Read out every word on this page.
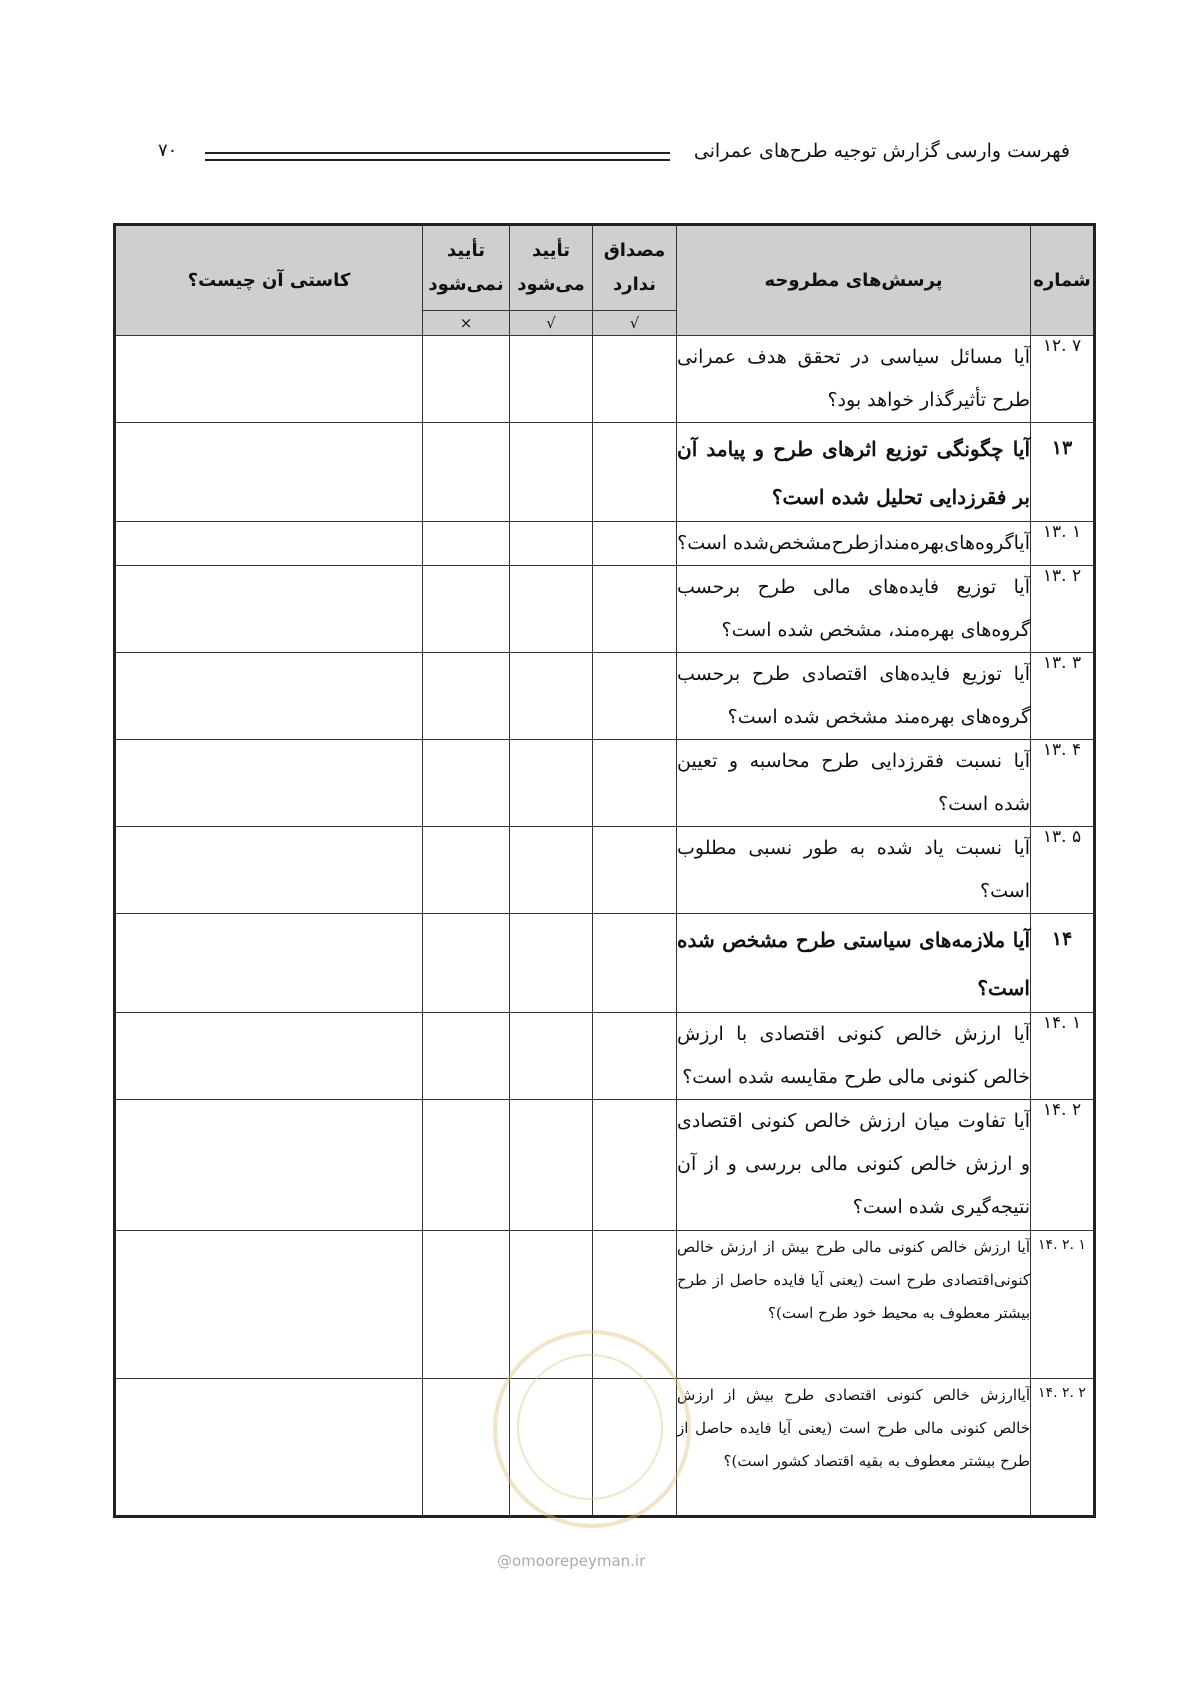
فهرست وارسی گزارش توجیه طرح‌های عمرانی
۷۰
شماره	پرسش‌های مطروحه	مصداق ندارد	تأیید می‌شود	تأیید نمی‌شود	کاستی آن چیست؟
		√	√	×	
۷ .۱۲	آیا مسائل سیاسی در تحقق هدف عمرانی طرح تأثیرگذار خواهد بود؟				
۱۳	آیا چگونگی توزیع اثرهای طرح و پیامد آن بر فقرزدایی تحلیل شده است؟				
۱ .۱۳	آیاگروه‌های‌بهره‌منداز‌طرح‌مشخص‌شده است؟				
۲ .۱۳	آیا توزیع فایده‌های مالی طرح برحسب گروه‌های بهره‌مند، مشخص شده است؟				
۳ .۱۳	آیا توزیع فایده‌های اقتصادی طرح برحسب گروه‌های بهره‌مند مشخص شده است؟				
۴ .۱۳	آیا نسبت فقرزدایی طرح محاسبه و تعیین شده است؟				
۵ .۱۳	آیا نسبت یاد شده به طور نسبی مطلوب است؟				
۱۴	آیا ملازمه‌های سیاستی طرح مشخص شده است؟				
۱ .۱۴	آیا ارزش خالص کنونی اقتصادی با ارزش خالص کنونی مالی طرح مقایسه شده است؟				
۲ .۱۴	آیا تفاوت میان ارزش خالص کنونی اقتصادی و ارزش خالص کنونی مالی بررسی و از آن نتیجه‌گیری شده است؟				
۱ .۲ .۱۴	آیا ارزش خالص کنونی مالی طرح بیش از ارزش خالص کنونی‌اقتصادی طرح است (یعنی آیا فایده حاصل از طرح بیشتر معطوف به محیط خود طرح است)؟				
۲ .۲ .۱۴	آیاارزش خالص کنونی اقتصادی طرح بیش از ارزش خالص کنونی مالی طرح است (یعنی آیا فایده حاصل از طرح بیشتر معطوف به بقیه اقتصاد کشور است)؟				
@omoorepeyman.ir
